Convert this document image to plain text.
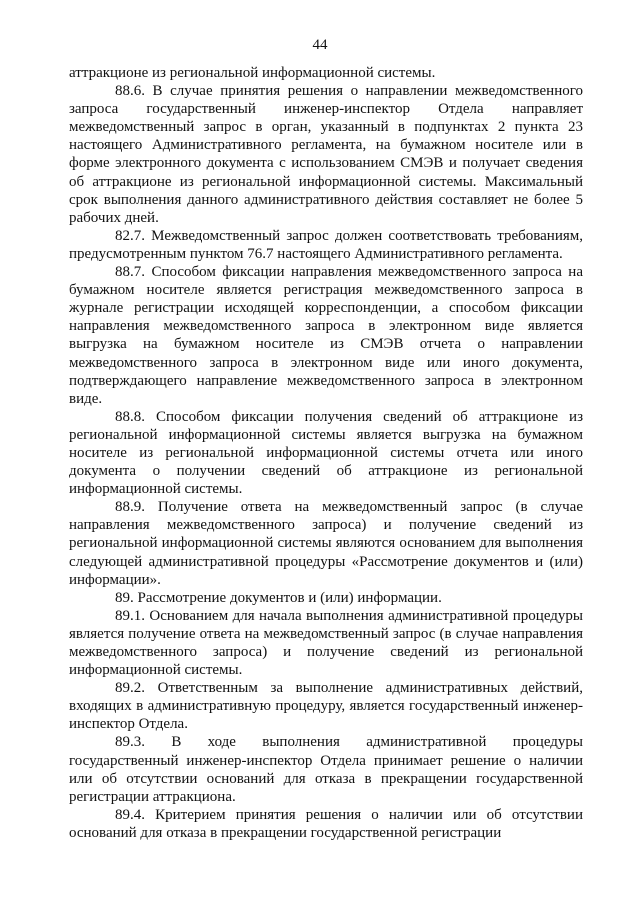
44

аттракционе из региональной информационной системы.

88.6. В случае принятия решения о направлении межведомственного запроса государственный инженер-инспектор Отдела направляет межведомственный запрос в орган, указанный в подпунктах 2 пункта 23 настоящего Административного регламента, на бумажном носителе или в форме электронного документа с использованием СМЭВ и получает сведения об аттракционе из региональной информационной системы. Максимальный срок выполнения данного административного действия составляет не более 5 рабочих дней.

82.7. Межведомственный запрос должен соответствовать требованиям, предусмотренным пунктом 76.7 настоящего Административного регламента.

88.7. Способом фиксации направления межведомственного запроса на бумажном носителе является регистрация межведомственного запроса в журнале регистрации исходящей корреспонденции, а способом фиксации направления межведомственного запроса в электронном виде является выгрузка на бумажном носителе из СМЭВ отчета о направлении межведомственного запроса в электронном виде или иного документа, подтверждающего направление межведомственного запроса в электронном виде.

88.8. Способом фиксации получения сведений об аттракционе из региональной информационной системы является выгрузка на бумажном носителе из региональной информационной системы отчета или иного документа о получении сведений об аттракционе из региональной информационной системы.

88.9. Получение ответа на межведомственный запрос (в случае направления межведомственного запроса) и получение сведений из региональной информационной системы являются основанием для выполнения следующей административной процедуры «Рассмотрение документов и (или) информации».

89. Рассмотрение документов и (или) информации.

89.1. Основанием для начала выполнения административной процедуры является получение ответа на межведомственный запрос (в случае направления межведомственного запроса) и получение сведений из региональной информационной системы.

89.2. Ответственным за выполнение административных действий, входящих в административную процедуру, является государственный инженер-инспектор Отдела.

89.3. В ходе выполнения административной процедуры государственный инженер-инспектор Отдела принимает решение о наличии или об отсутствии оснований для отказа в прекращении государственной регистрации аттракциона.

89.4. Критерием принятия решения о наличии или об отсутствии оснований для отказа в прекращении государственной регистрации
